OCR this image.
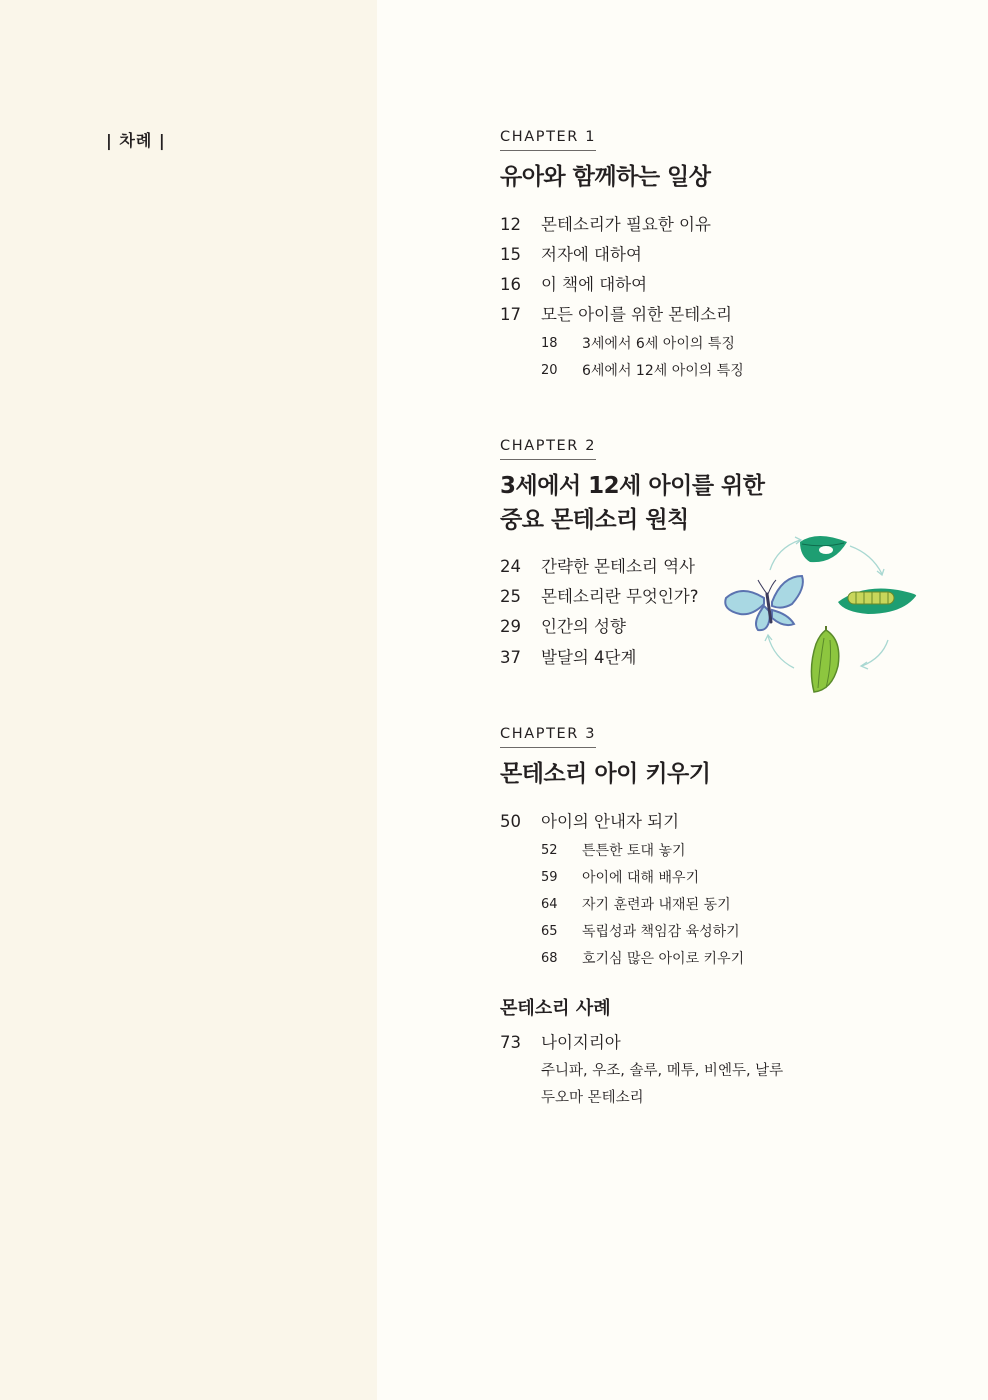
| 차례 |	CHAPTER 1
유아와 함께하는 일상
12	몬테소리가 필요한 이유
15	저자에 대하여
16	이 책에 대하여
17	모든 아이를 위한 몬테소리
18	3세에서 6세 아이의 특징
20	6세에서 12세 아이의 특징
CHAPTER 2
3세에서 12세 아이를 위한
중요 몬테소리 원칙
24	간략한 몬테소리 역사
25	몬테소리란 무엇인가?
29	인간의 성향
37	발달의 4단계
CHAPTER 3
몬테소리 아이 키우기
50	아이의 안내자 되기
52	튼튼한 토대 놓기
59	아이에 대해 배우기
64	자기 훈련과 내재된 동기
65	독립성과 책임감 육성하기
68	호기심 많은 아이로 키우기
몬테소리 사례
73	나이지리아
주니파, 우조, 솔루, 메투, 비엔두, 날루
두오마 몬테소리
